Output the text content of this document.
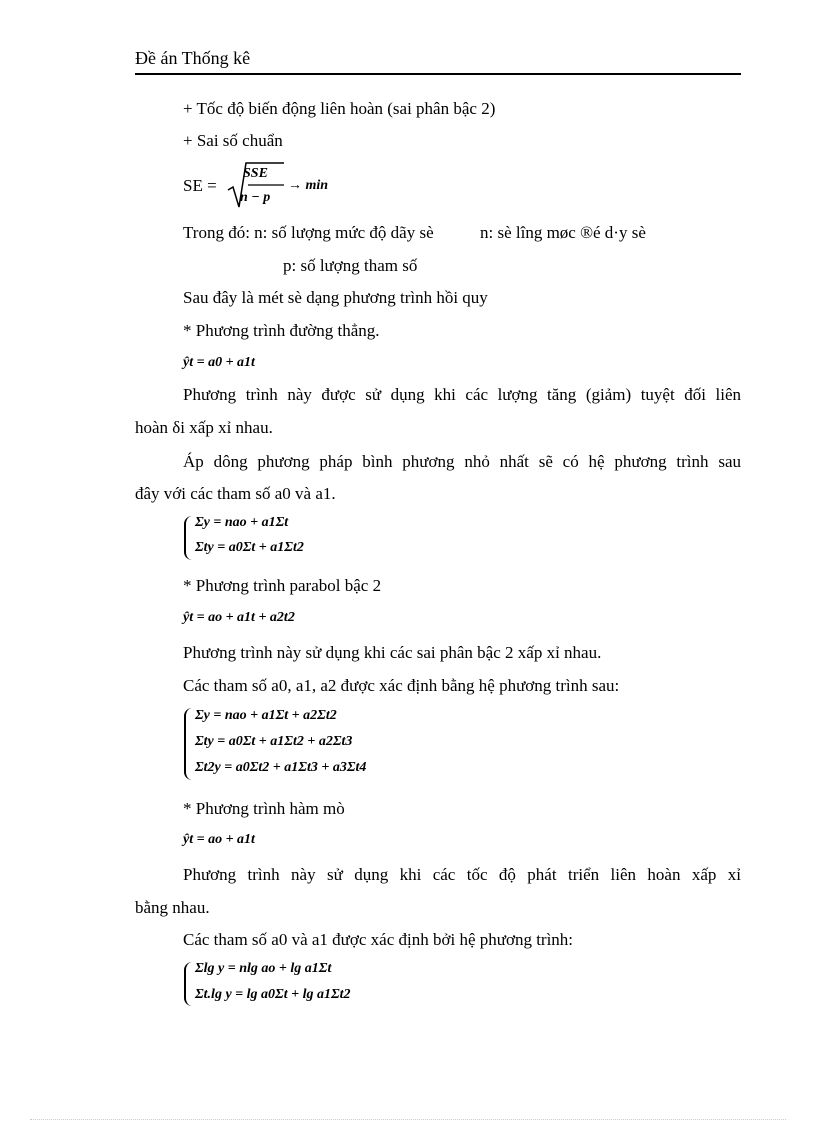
Đề án Thống kê
+ Tốc độ biến động liên hoàn (sai phân bậc 2)
+ Sai số chuẩn
SE =
SSE
n − p
→ min
Trong đó: n: số lượng mức độ dãy sè	n: sè lîng møc ®é d·y sè
p: số lượng tham số
Sau đây là mét sè dạng phương trình hồi quy
* Phương trình đường thẳng.
ŷt = a0 + a1t
Phương trình này được sử dụng khi các lượng tăng (giảm) tuyệt đối liên
hoàn δi xấp xỉ nhau.
Áp dông phương pháp bình phương nhỏ nhất sẽ có hệ phương trình sau
đây với các tham số a0 và a1.
Σy = nao + a1Σt
Σty = a0Σt + a1Σt2
* Phương trình parabol bậc 2
ŷt = ao + a1t + a2t2
Phương trình này sử dụng khi các sai phân bậc 2 xấp xỉ nhau.
Các tham số a0, a1, a2 được xác định bằng hệ phương trình sau:
Σy = nao + a1Σt + a2Σt2
Σty = a0Σt + a1Σt2 + a2Σt3
Σt2y = a0Σt2 + a1Σt3 + a3Σt4
* Phương trình hàm mò
ŷt = ao + a1t
Phương trình này sử dụng khi các tốc độ phát triển liên hoàn xấp xỉ
bằng nhau.
Các tham số a0 và a1 được xác định bởi hệ phương trình:
Σlg y = nlg ao + lg a1Σt
Σt.lg y = lg a0Σt + lg a1Σt2
